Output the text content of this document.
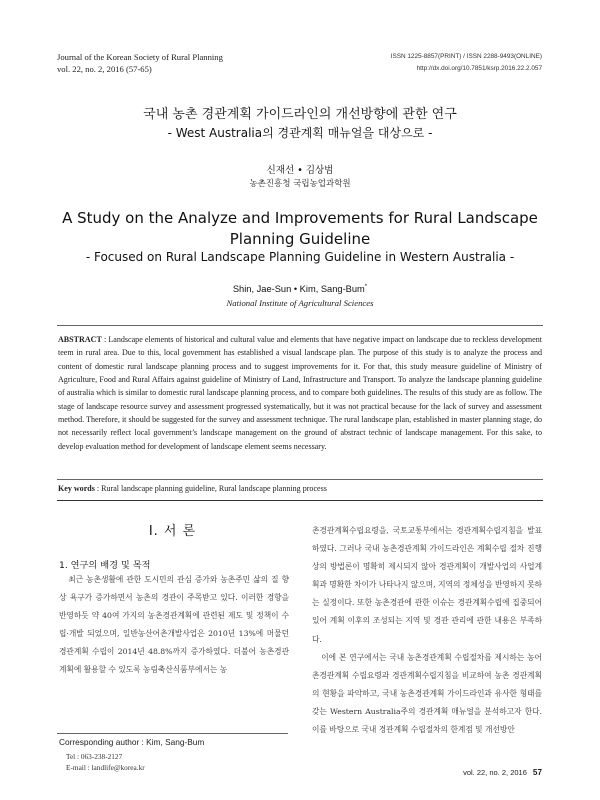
Journal of the Korean Society of Rural Planning
vol. 22, no. 2, 2016 (57-65)
ISSN 1225-8857(PRINT) / ISSN 2288-9493(ONLINE)
http://dx.doi.org/10.7851/ksrp.2016.22.2.057
국내 농촌 경관계획 가이드라인의 개선방향에 관한 연구
- West Australia의 경관계획 매뉴얼을 대상으로 -
신재선 • 김상범
농촌진흥청 국립농업과학원
A Study on the Analyze and Improvements for Rural Landscape
Planning Guideline
- Focused on Rural Landscape Planning Guideline in Western Australia -
Shin, Jae-Sun • Kim, Sang-Bum*
National Institute of Agricultural Sciences
ABSTRACT : Landscape elements of historical and cultural value and elements that have negative impact on landscape due to reckless development teem in rural area. Due to this, local government has established a visual landscape plan. The purpose of this study is to analyze the process and content of domestic rural landscape planning process and to suggest improvements for it. For that, this study measure guideline of Ministry of Agriculture, Food and Rural Affairs against guideline of Ministry of Land, Infrastructure and Transport. To analyze the landscape planning guideline of australia which is similar to domestic rural landscape planning process, and to compare both guidelines. The results of this study are as follow. The stage of landscape resource survey and assessment progressed systematically, but it was not practical because for the lack of survey and assessment method. Therefore, it should be suggested for the survey and assessment technique. The rural landscape plan, established in master planning stage, do not necessarily reflect local government’s landscape management on the ground of abstract technic of landscape management. For this sake, to develop evaluation method for development of landscape element seems necessary.
Key words : Rural landscape planning guideline, Rural landscape planning process
I. 서 론
1. 연구의 배경 및 목적

최근 농촌생활에 관한 도시민의 관심 증가와 농촌주민 삶의 질 향상 욕구가 증가하면서 농촌의 경관이 주목받고 있다. 이러한 경향을 반영하듯 약 40여 가지의 농촌경관계획에 관련된 제도 및 정책이 수립·개발 되었으며, 일반농산어촌개발사업은 2010년 13%에 머물던 경관계획 수립이 2014년 48.8%까지 증가하였다. 더불어 농촌경관계획에 활용할 수 있도록 농림축산식품부에서는 농

촌경관계획수립요령을, 국토교통부에서는 경관계획수립지침을 발표하였다. 그러나 국내 농촌경관계획 가이드라인은 계획수립 절차 진행상의 방법론이 명확히 제시되지 않아 경관계획이 개발사업의 사업계획과 명확한 차이가 나타나지 않으며, 지역의 정체성을 반영하지 못하는 실정이다. 또한 농촌경관에 관한 이슈는 경관계획수립에 집중되어있어 계획 이후의 조성되는 지역 및 경관 관리에 관한 내용은 부족하다.

이에 본 연구에서는 국내 농촌경관계획 수립절차를 제시하는 농어촌경관계획 수립요령과 경관계획수립지침을 비교하여 농촌 경관계획의 현황을 파악하고, 국내 농촌경관계획 가이드라인과 유사한 형태를 갖는 Western Australia주의 경관계획 매뉴얼을 분석하고자 한다. 이를 바탕으로 국내 경관계획 수립절차의 한계점 및 개선방안

Corresponding author : Kim, Sang-Bum
Tel : 063-238-2127
E-mail : landlife@korea.kr
vol. 22, no. 2, 2016 57
